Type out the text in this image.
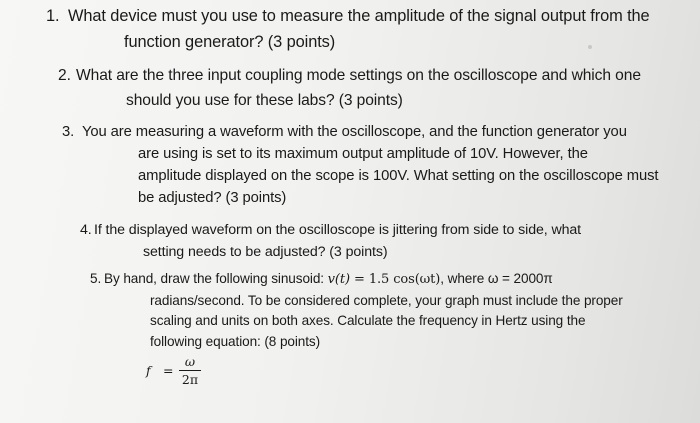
1. What device must you use to measure the amplitude of the signal output from the
function generator? (3 points)
2. What are the three input coupling mode settings on the oscilloscope and which one
should you use for these labs? (3 points)
3. You are measuring a waveform with the oscilloscope, and the function generator you
are using is set to its maximum output amplitude of 10V. However, the
amplitude displayed on the scope is 100V. What setting on the oscilloscope must
be adjusted? (3 points)
4. If the displayed waveform on the oscilloscope is jittering from side to side, what
setting needs to be adjusted? (3 points)
5. By hand, draw the following sinusoid: v(t) = 1.5 cos(ωt), where ω = 2000π
radians/second. To be considered complete, your graph must include the proper
scaling and units on both axes. Calculate the frequency in Hertz using the
following equation: (8 points)
f =
ω
2π
